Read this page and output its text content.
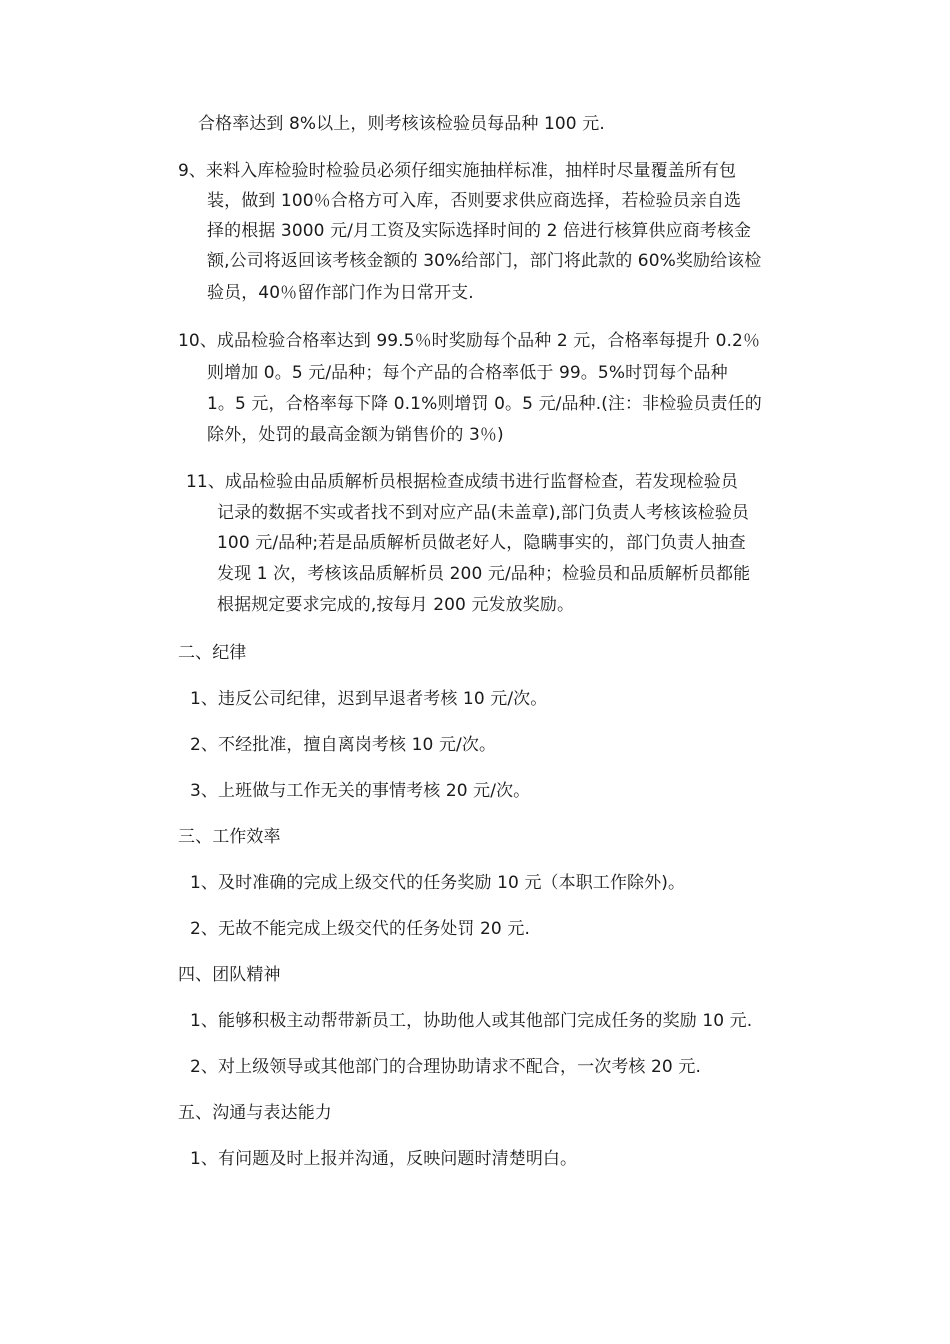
合格率达到 8%以上，则考核该检验员每品种 100 元.
9、来料入库检验时检验员必须仔细实施抽样标准，抽样时尽量覆盖所有包
装，做到 100％合格方可入库，否则要求供应商选择，若检验员亲自选
择的根据 3000 元/月工资及实际选择时间的 2 倍进行核算供应商考核金
额,公司将返回该考核金额的 30%给部门，部门将此款的 60%奖励给该检
验员，40％留作部门作为日常开支.
10、成品检验合格率达到 99.5％时奖励每个品种 2 元，合格率每提升 0.2％
则增加 0。5 元/品种；每个产品的合格率低于 99。5%时罚每个品种
1。5 元，合格率每下降 0.1%则增罚 0。5 元/品种.(注：非检验员责任的
除外，处罚的最高金额为销售价的 3％)
11、成品检验由品质解析员根据检查成绩书进行监督检查，若发现检验员
记录的数据不实或者找不到对应产品(未盖章),部门负责人考核该检验员
100 元/品种;若是品质解析员做老好人，隐瞒事实的，部门负责人抽查
发现 1 次，考核该品质解析员 200 元/品种；检验员和品质解析员都能
根据规定要求完成的,按每月 200 元发放奖励。
二、纪律
1、违反公司纪律，迟到早退者考核 10 元/次。
2、不经批准，擅自离岗考核 10 元/次。
3、上班做与工作无关的事情考核 20 元/次。
三、工作效率
1、及时准确的完成上级交代的任务奖励 10 元（本职工作除外)。
2、无故不能完成上级交代的任务处罚 20 元.
四、团队精神
1、能够积极主动帮带新员工，协助他人或其他部门完成任务的奖励 10 元.
2、对上级领导或其他部门的合理协助请求不配合，一次考核 20 元.
五、沟通与表达能力
1、有问题及时上报并沟通，反映问题时清楚明白。
